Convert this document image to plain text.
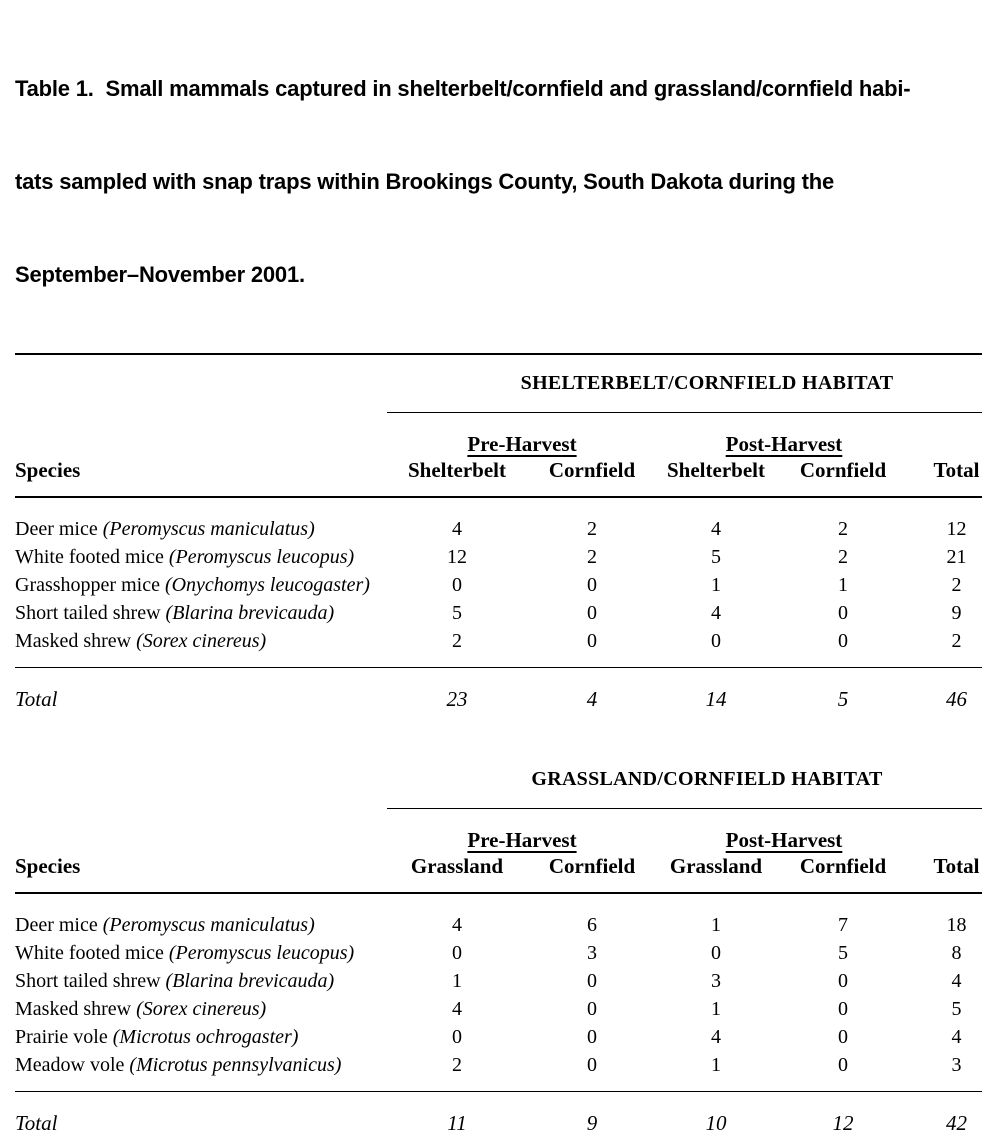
Table 1.  Small mammals captured in shelterbelt/cornfield and grassland/cornfield habi-

tats sampled with snap traps within Brookings County, South Dakota during the

September–November 2001.

SHELTERBELT/CORNFIELD HABITAT
Pre-Harvest	Post-Harvest
Species	Shelterbelt	Cornfield	Shelterbelt	Cornfield	Total
Deer mice (Peromyscus maniculatus)	4	2	4	2	12
White footed mice (Peromyscus leucopus)	12	2	5	2	21
Grasshopper mice (Onychomys leucogaster)	0	0	1	1	2
Short tailed shrew (Blarina brevicauda)	5	0	4	0	9
Masked shrew (Sorex cinereus)	2	0	0	0	2
Total	23	4	14	5	46
GRASSLAND/CORNFIELD HABITAT
Pre-Harvest	Post-Harvest
Species	Grassland	Cornfield	Grassland	Cornfield	Total
Deer mice (Peromyscus maniculatus)	4	6	1	7	18
White footed mice (Peromyscus leucopus)	0	3	0	5	8
Short tailed shrew (Blarina brevicauda)	1	0	3	0	4
Masked shrew (Sorex cinereus)	4	0	1	0	5
Prairie vole (Microtus ochrogaster)	0	0	4	0	4
Meadow vole (Microtus pennsylvanicus)	2	0	1	0	3
Total	11	9	10	12	42
